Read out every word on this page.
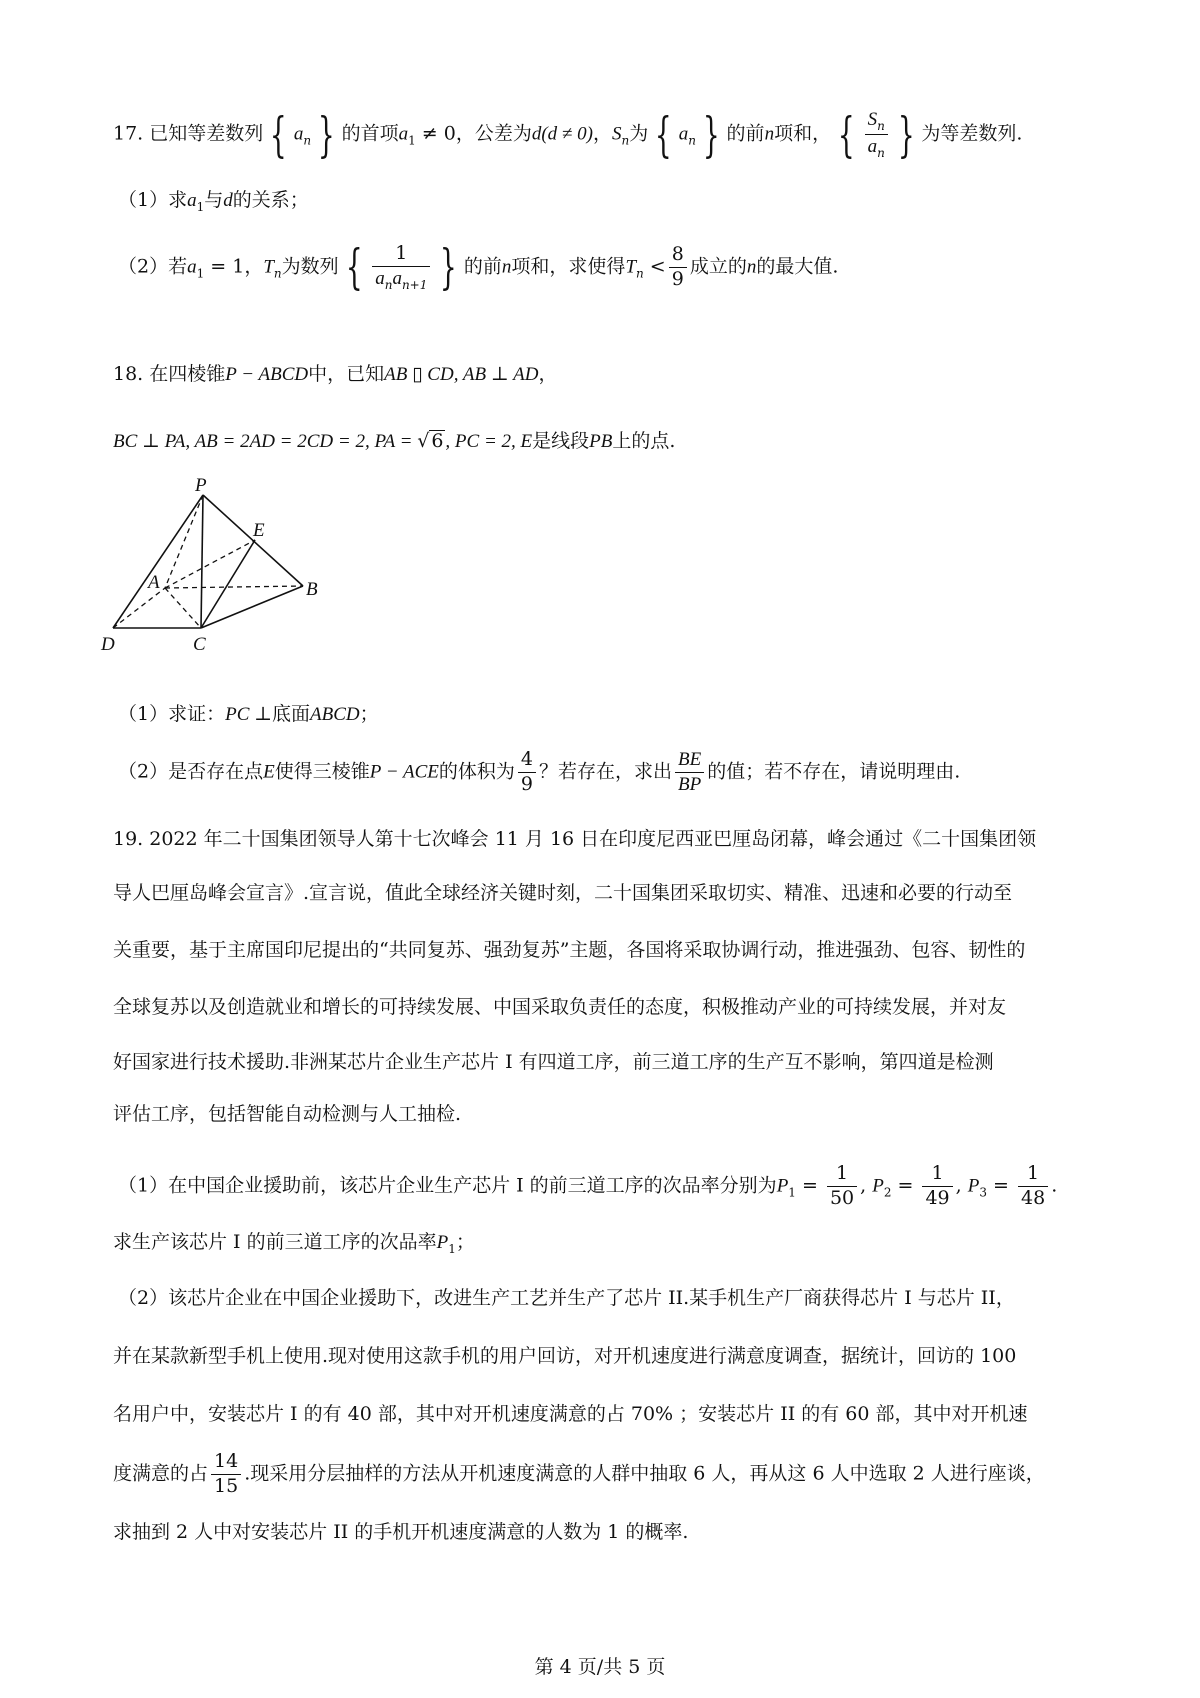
17. 已知等差数列 { $a_n$ } 的首项$a_1 \ne 0$，公差为d(d ≠ 0)，$S_n$为 { $a_n$ } 的前n项和， { $\frac{S_n}{a_n}$ } 为等差数列.
（1）求$a_1$与d的关系；
（2）若$a_1 = 1$，$T_n$为数列 { $\frac{1}{a_na_{n+1}}$ } 的前n项和，求使得$T_n < \frac{8}{9}$ 成立的n的最大值.
18. 在四棱锥P − ABCD中，已知AB ▯ CD, AB ⊥ AD，
BC ⊥ PA, AB = 2AD = 2CD = 2, PA = √ 6 , PC = 2, E是线段PB上的点.
P
E
A	B
D	C
（1）求证：PC ⊥底面ABCD；
（2）是否存在点E使得三棱锥P − ACE的体积为 $\frac{4}{9}$ ？若存在，求出 $\frac{BE}{BP}$ 的值；若不存在，请说明理由.
19. 2022 年二十国集团领导人第十七次峰会 11 月 16 日在印度尼西亚巴厘岛闭幕，峰会通过《二十国集团领
导人巴厘岛峰会宣言》.宣言说，值此全球经济关键时刻，二十国集团采取切实、精准、迅速和必要的行动至
关重要，基于主席国印尼提出的“共同复苏、强劲复苏”主题，各国将采取协调行动，推进强劲、包容、韧性的
全球复苏以及创造就业和增长的可持续发展、中国采取负责任的态度，积极推动产业的可持续发展，并对友
好国家进行技术援助.非洲某芯片企业生产芯片 I 有四道工序，前三道工序的生产互不影响，第四道是检测
评估工序，包括智能自动检测与人工抽检.
（1）在中国企业援助前，该芯片企业生产芯片 I 的前三道工序的次品率分别为$P_1 = \frac{1}{50}$ , $P_2 = \frac{1}{49}$ , $P_3 = \frac{1}{48}$ .
求生产该芯片 I 的前三道工序的次品率$P_1$；
（2）该芯片企业在中国企业援助下，改进生产工艺并生产了芯片 II.某手机生产厂商获得芯片 I 与芯片 II，
并在某款新型手机上使用.现对使用这款手机的用户回访，对开机速度进行满意度调查，据统计，回访的 100
名用户中，安装芯片 I 的有 40 部，其中对开机速度满意的占 70% ；安装芯片 II 的有 60 部，其中对开机速
度满意的占 $\frac{14}{15}$ .现采用分层抽样的方法从开机速度满意的人群中抽取 6 人，再从这 6 人中选取 2 人进行座谈，
求抽到 2 人中对安装芯片 II 的手机开机速度满意的人数为 1 的概率.
第 4 页/共 5 页
